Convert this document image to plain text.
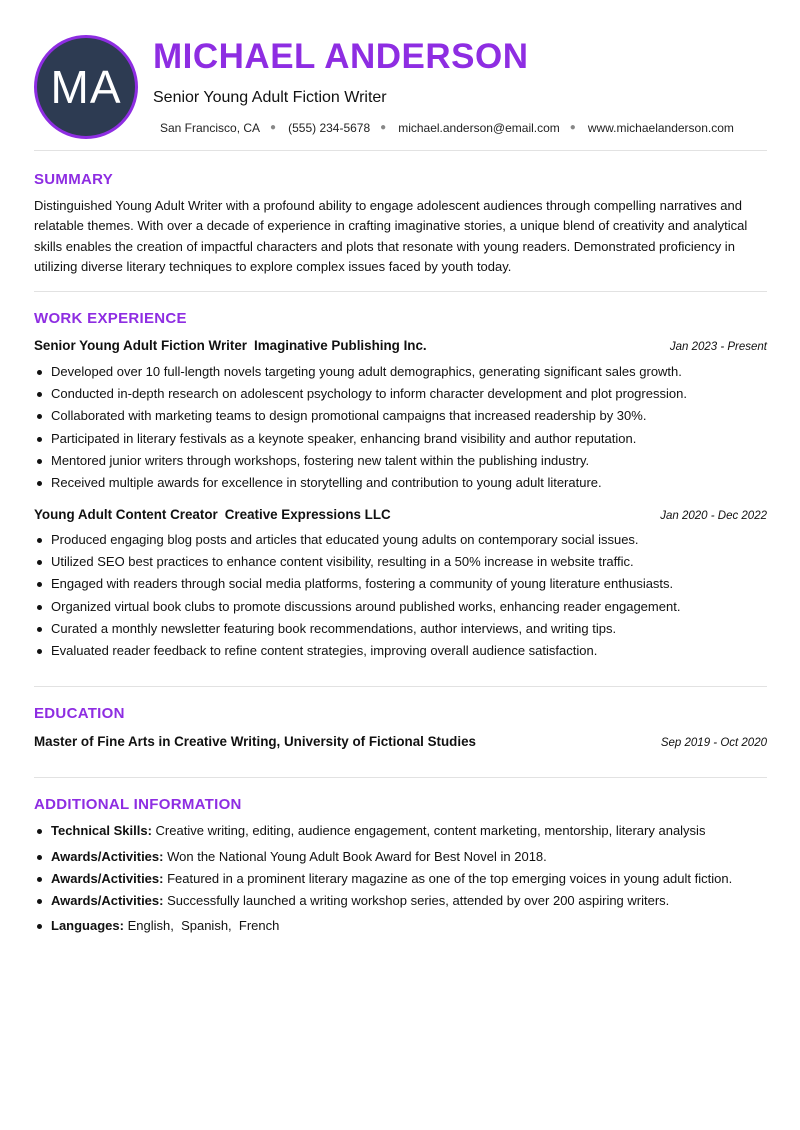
MA
MICHAEL ANDERSON
Senior Young Adult Fiction Writer
San Francisco, CA ● (555) 234-5678 ● michael.anderson@email.com ● www.michaelanderson.com
SUMMARY

Distinguished Young Adult Writer with a profound ability to engage adolescent audiences through compelling narratives and relatable themes. With over a decade of experience in crafting imaginative stories, a unique blend of creativity and analytical skills enables the creation of impactful characters and plots that resonate with young readers. Demonstrated proficiency in utilizing diverse literary techniques to explore complex issues faced by youth today.

WORK EXPERIENCE
Senior Young Adult Fiction Writer Imaginative Publishing Inc.	Jan 2023 - Present
Developed over 10 full-length novels targeting young adult demographics, generating significant sales growth.
Conducted in-depth research on adolescent psychology to inform character development and plot progression.
Collaborated with marketing teams to design promotional campaigns that increased readership by 30%.
Participated in literary festivals as a keynote speaker, enhancing brand visibility and author reputation.
Mentored junior writers through workshops, fostering new talent within the publishing industry.
Received multiple awards for excellence in storytelling and contribution to young adult literature.
Young Adult Content Creator Creative Expressions LLC	Jan 2020 - Dec 2022
Produced engaging blog posts and articles that educated young adults on contemporary social issues.
Utilized SEO best practices to enhance content visibility, resulting in a 50% increase in website traffic.
Engaged with readers through social media platforms, fostering a community of young literature enthusiasts.
Organized virtual book clubs to promote discussions around published works, enhancing reader engagement.
Curated a monthly newsletter featuring book recommendations, author interviews, and writing tips.
Evaluated reader feedback to refine content strategies, improving overall audience satisfaction.
EDUCATION
Master of Fine Arts in Creative Writing, University of Fictional Studies	Sep 2019 - Oct 2020
ADDITIONAL INFORMATION
Technical Skills: Creative writing, editing, audience engagement, content marketing, mentorship, literary analysis
Awards/Activities: Won the National Young Adult Book Award for Best Novel in 2018.
Awards/Activities: Featured in a prominent literary magazine as one of the top emerging voices in young adult fiction.
Awards/Activities: Successfully launched a writing workshop series, attended by over 200 aspiring writers.
Languages: English,  Spanish,  French
